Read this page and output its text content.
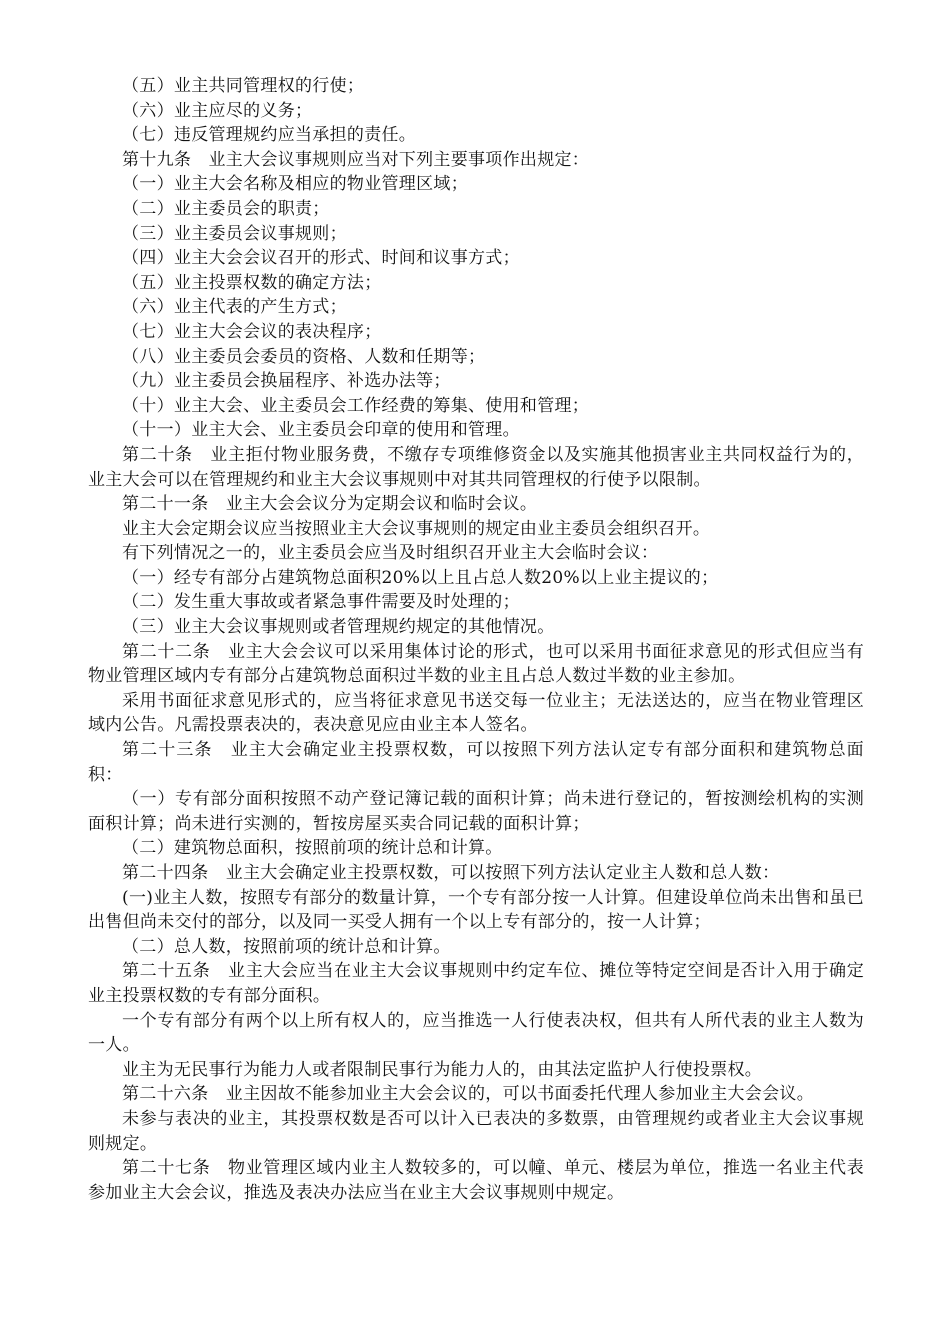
（五）业主共同管理权的行使；

（六）业主应尽的义务；

（七）违反管理规约应当承担的责任。

第十九条　业主大会议事规则应当对下列主要事项作出规定：

（一）业主大会名称及相应的物业管理区域；

（二）业主委员会的职责；

（三）业主委员会议事规则；

（四）业主大会会议召开的形式、时间和议事方式；

（五）业主投票权数的确定方法；

（六）业主代表的产生方式；

（七）业主大会会议的表决程序；

（八）业主委员会委员的资格、人数和任期等；

（九）业主委员会换届程序、补选办法等；

（十）业主大会、业主委员会工作经费的筹集、使用和管理；

（十一）业主大会、业主委员会印章的使用和管理。

第二十条　业主拒付物业服务费，不缴存专项维修资金以及实施其他损害业主共同权益行为的，业主大会可以在管理规约和业主大会议事规则中对其共同管理权的行使予以限制。

第二十一条　业主大会会议分为定期会议和临时会议。

业主大会定期会议应当按照业主大会议事规则的规定由业主委员会组织召开。

有下列情况之一的，业主委员会应当及时组织召开业主大会临时会议：

（一）经专有部分占建筑物总面积20%以上且占总人数20%以上业主提议的；

（二）发生重大事故或者紧急事件需要及时处理的；

（三）业主大会议事规则或者管理规约规定的其他情况。

第二十二条　业主大会会议可以采用集体讨论的形式，也可以采用书面征求意见的形式但应当有物业管理区域内专有部分占建筑物总面积过半数的业主且占总人数过半数的业主参加。

采用书面征求意见形式的，应当将征求意见书送交每一位业主；无法送达的，应当在物业管理区域内公告。凡需投票表决的，表决意见应由业主本人签名。

第二十三条　业主大会确定业主投票权数，可以按照下列方法认定专有部分面积和建筑物总面积：

（一）专有部分面积按照不动产登记簿记载的面积计算；尚未进行登记的，暂按测绘机构的实测面积计算；尚未进行实测的，暂按房屋买卖合同记载的面积计算；

（二）建筑物总面积，按照前项的统计总和计算。

第二十四条　业主大会确定业主投票权数，可以按照下列方法认定业主人数和总人数：

(一)业主人数，按照专有部分的数量计算，一个专有部分按一人计算。但建设单位尚未出售和虽已出售但尚未交付的部分，以及同一买受人拥有一个以上专有部分的，按一人计算；

（二）总人数，按照前项的统计总和计算。

第二十五条　业主大会应当在业主大会议事规则中约定车位、摊位等特定空间是否计入用于确定业主投票权数的专有部分面积。

一个专有部分有两个以上所有权人的，应当推选一人行使表决权，但共有人所代表的业主人数为一人。

业主为无民事行为能力人或者限制民事行为能力人的，由其法定监护人行使投票权。

第二十六条　业主因故不能参加业主大会会议的，可以书面委托代理人参加业主大会会议。

未参与表决的业主，其投票权数是否可以计入已表决的多数票，由管理规约或者业主大会议事规则规定。

第二十七条　物业管理区域内业主人数较多的，可以幢、单元、楼层为单位，推选一名业主代表参加业主大会会议，推选及表决办法应当在业主大会议事规则中规定。
